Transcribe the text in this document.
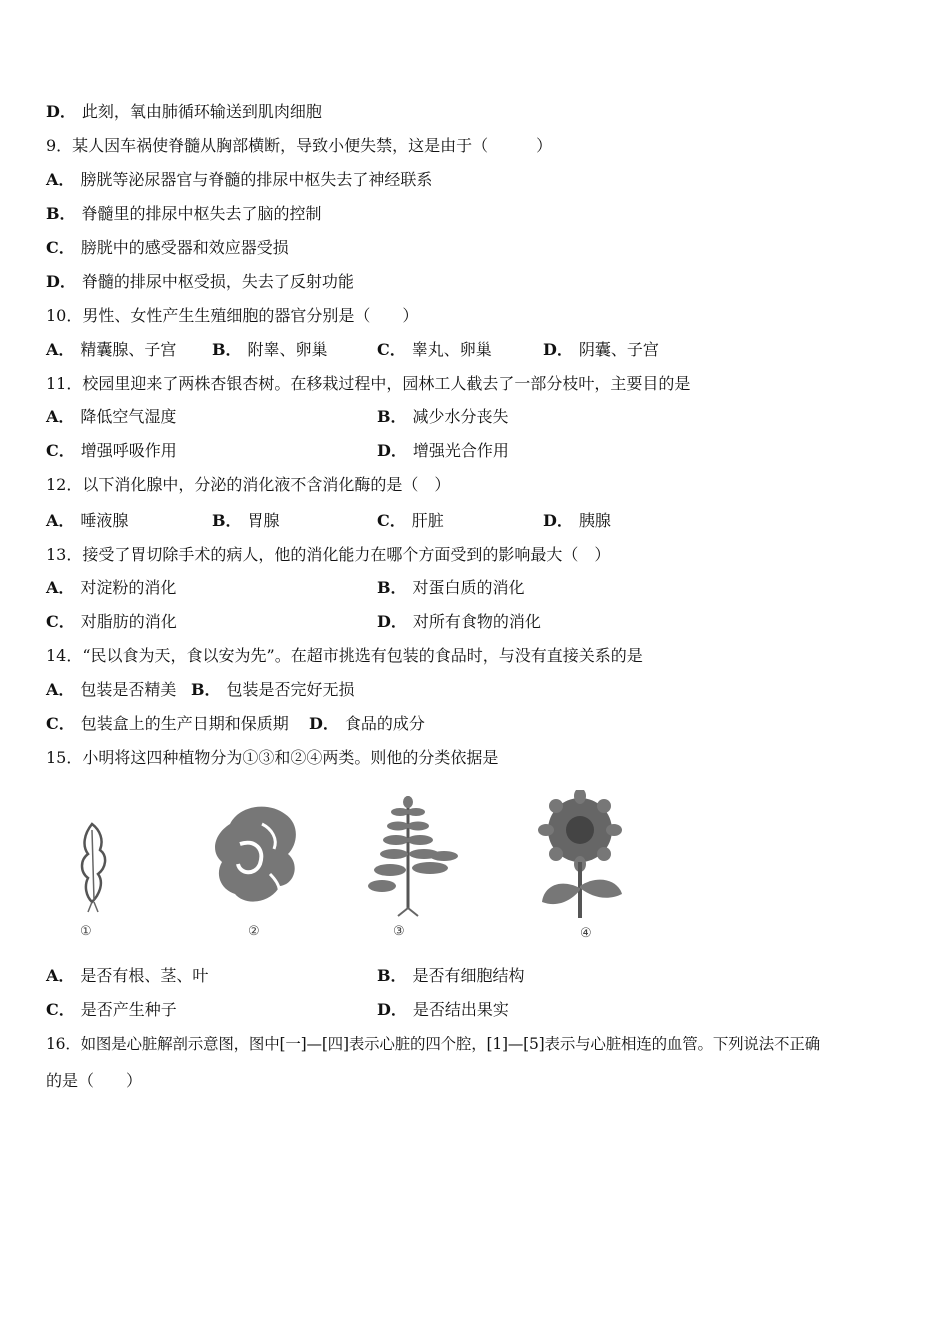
D． 此刻，氧由肺循环输送到肌肉细胞
9．某人因车祸使脊髓从胸部横断，导致小便失禁，这是由于（　　　）
A． 膀胱等泌尿器官与脊髓的排尿中枢失去了神经联系
B． 脊髓里的排尿中枢失去了脑的控制
C． 膀胱中的感受器和效应器受损
D． 脊髓的排尿中枢受损，失去了反射功能
10．男性、女性产生生殖细胞的器官分别是（　　）
A． 精囊腺、子宫 B． 附睾、卵巢	C． 睾丸、卵巢	D． 阴囊、子宫
11．校园里迎来了两株杏银杏树。在移栽过程中，园林工人截去了一部分枝叶，主要目的是
A． 降低空气湿度	B． 减少水分丧失
C． 增强呼吸作用	D． 增强光合作用
12．以下消化腺中，分泌的消化液不含消化酶的是（　）
A． 唾液腺	B． 胃腺	C． 肝脏	D． 胰腺
13．接受了胃切除手术的病人，他的消化能力在哪个方面受到的影响最大（　）
A． 对淀粉的消化	B． 对蛋白质的消化
C． 对脂肪的消化	D． 对所有食物的消化
14．“民以食为天，食以安为先”。在超市挑选有包装的食品时，与没有直接关系的是
A． 包装是否精美 B． 包装是否完好无损
C． 包装盒上的生产日期和保质期 D． 食品的成分
15．小明将这四种植物分为①③和②④两类。则他的分类依据是
①	②	③	④
A． 是否有根、茎、叶	B． 是否有细胞结构
C． 是否产生种子	D． 是否结出果实
16．如图是心脏解剖示意图，图中[一]—[四]表示心脏的四个腔，[1]—[5]表示与心脏相连的血管。下列说法不正确
的是（　　）
